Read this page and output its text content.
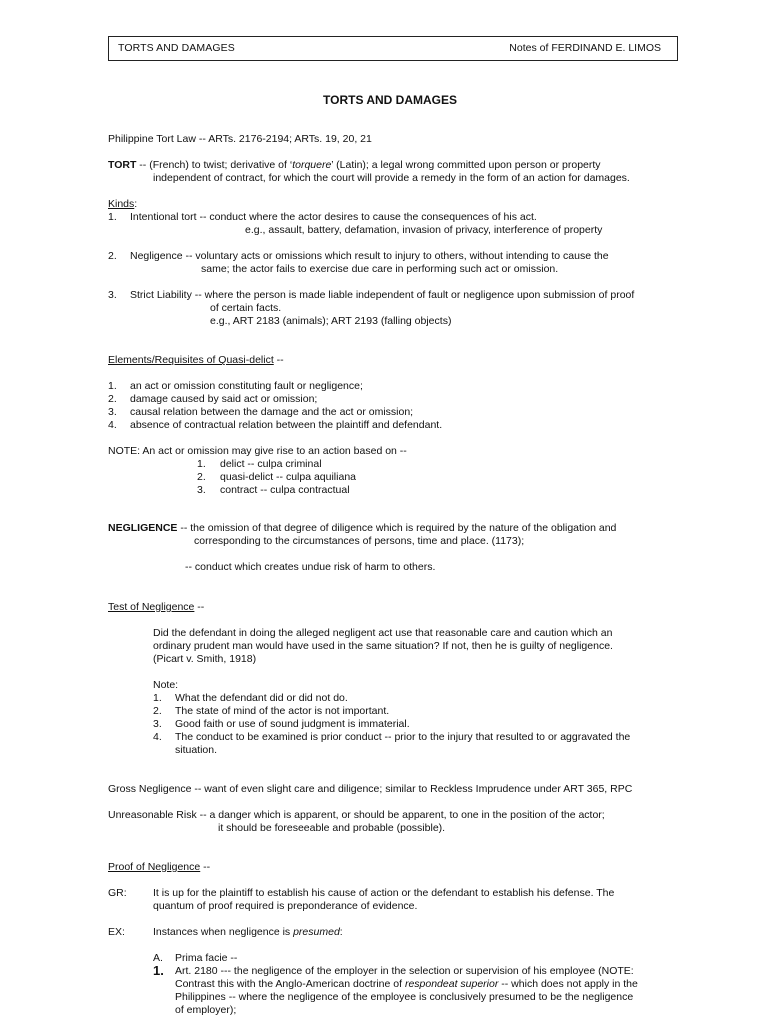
TORTS AND DAMAGES	Notes of FERDINAND E. LIMOS
TORTS AND DAMAGES
Philippine Tort Law -- ARTs. 2176-2194; ARTs. 19, 20, 21
TORT -- (French) to twist; derivative of ‘torquere’ (Latin); a legal wrong committed upon person or property
independent of contract, for which the court will provide a remedy in the form of an action for damages.
Kinds:
1. Intentional tort -- conduct where the actor desires to cause the consequences of his act.
e.g., assault, battery, defamation, invasion of privacy, interference of property
2. Negligence -- voluntary acts or omissions which result to injury to others, without intending to cause the
same; the actor fails to exercise due care in performing such act or omission.
3. Strict Liability -- where the person is made liable independent of fault or negligence upon submission of proof
of certain facts.
e.g., ART 2183 (animals); ART 2193 (falling objects)
Elements/Requisites of Quasi-delict --
1. an act or omission constituting fault or negligence;
2. damage caused by said act or omission;
3. causal relation between the damage and the act or omission;
4. absence of contractual relation between the plaintiff and defendant.
NOTE: An act or omission may give rise to an action based on --
1. delict -- culpa criminal
2. quasi-delict -- culpa aquiliana
3. contract -- culpa contractual
NEGLIGENCE -- the omission of that degree of diligence which is required by the nature of the obligation and
corresponding to the circumstances of persons, time and place. (1173);
-- conduct which creates undue risk of harm to others.
Test of Negligence --
Did the defendant in doing the alleged negligent act use that reasonable care and caution which an
ordinary prudent man would have used in the same situation? If not, then he is guilty of negligence.
(Picart v. Smith, 1918)
Note:
1. What the defendant did or did not do.
2. The state of mind of the actor is not important.
3. Good faith or use of sound judgment is immaterial.
4. The conduct to be examined is prior conduct -- prior to the injury that resulted to or aggravated the
situation.
Gross Negligence -- want of even slight care and diligence; similar to Reckless Imprudence under ART 365, RPC
Unreasonable Risk -- a danger which is apparent, or should be apparent, to one in the position of the actor;
it should be foreseeable and probable (possible).
Proof of Negligence --
GR:	It is up for the plaintiff to establish his cause of action or the defendant to establish his defense. The
quantum of proof required is preponderance of evidence.
EX:	Instances when negligence is presumed:
A. Prima facie --
1. Art. 2180 --- the negligence of the employer in the selection or supervision of his employee (NOTE:
Contrast this with the Anglo-American doctrine of respondeat superior -- which does not apply in the
Philippines -- where the negligence of the employee is conclusively presumed to be the negligence
of employer);
